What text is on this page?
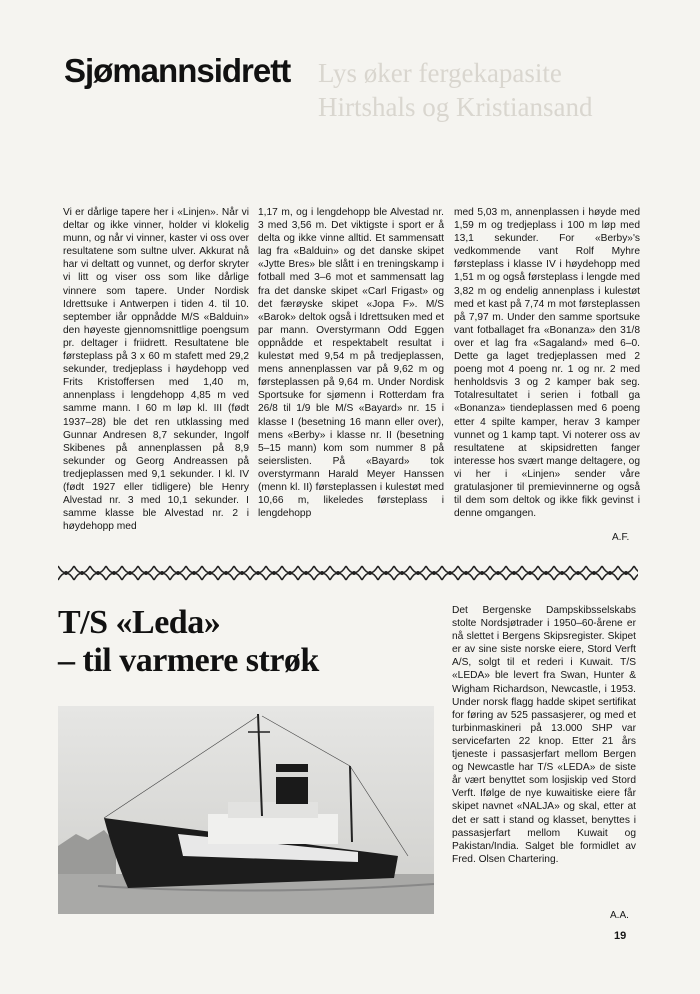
Lys øker fergekapasite
Hirtshals og Kristiansand
Sjømannsidrett

Vi er dårlige tapere her i «Linjen». Når vi deltar og ikke vinner, holder vi klokelig munn, og når vi vinner, kaster vi oss over resultatene som sultne ulver. Akkurat nå har vi deltatt og vunnet, og derfor skryter vi litt og viser oss som like dårlige vinnere som tapere. Under Nordisk Idrettsuke i Antwerpen i tiden 4. til 10. september iår oppnådde M/S «Balduin» den høyeste gjennomsnittlige poengsum pr. deltager i friidrett. Resultatene ble førsteplass på 3 x 60 m stafett med 29,2 sekunder, tredjeplass i høydehopp ved Frits Kristoffersen med 1,40 m, annenplass i lengdehopp 4,85 m ved samme mann. I 60 m løp kl. III (født 1937–28) ble det ren utklassing med Gunnar Andresen 8,7 sekunder, Ingolf Skibenes på annenplassen på 8,9 sekunder og Georg Andreassen på tredjeplassen med 9,1 sekunder. I kl. IV (født 1927 eller tidligere) ble Henry Alvestad nr. 3 med 10,1 sekunder. I samme klasse ble Alvestad nr. 2 i høydehopp med

1,17 m, og i lengdehopp ble Alvestad nr. 3 med 3,56 m. Det viktigste i sport er å delta og ikke vinne alltid. Et sammensatt lag fra «Balduin» og det danske skipet «Jytte Bres» ble slått i en treningskamp i fotball med 3–6 mot et sammensatt lag fra det danske skipet «Carl Frigast» og det færøyske skipet «Jopa F». M/S «Barok» deltok også i Idrettsuken med et par mann. Overstyrmann Odd Eggen oppnådde et respektabelt resultat i kulestøt med 9,54 m på tredjeplassen, mens annenplassen var på 9,62 m og førsteplassen på 9,64 m. Under Nordisk Sportsuke for sjømenn i Rotterdam fra 26/8 til 1/9 ble M/S «Bayard» nr. 15 i klasse I (besetning 16 mann eller over), mens «Berby» i klasse nr. II (besetning 5–15 mann) kom som nummer 8 på seierslisten. På «Bayard» tok overstyrmann Harald Meyer Hanssen (menn kl. II) førsteplassen i kulestøt med 10,66 m, likeledes førsteplass i lengdehopp

med 5,03 m, annenplassen i høyde med 1,59 m og tredjeplass i 100 m løp med 13,1 sekunder. For «Berby»'s vedkommende vant Rolf Myhre førsteplass i klasse IV i høydehopp med 1,51 m og også førsteplass i lengde med 3,82 m og endelig annenplass i kulestøt med et kast på 7,74 m mot førsteplassen på 7,97 m. Under den samme sportsuke vant fotballaget fra «Bonanza» den 31/8 over et lag fra «Sagaland» med 6–0. Dette ga laget tredjeplassen med 2 poeng mot 4 poeng nr. 1 og nr. 2 med henholdsvis 3 og 2 kamper bak seg. Totalresultatet i serien i fotball ga «Bonanza» tiendeplassen med 6 poeng etter 4 spilte kamper, herav 3 kamper vunnet og 1 kamp tapt. Vi noterer oss av resultatene at skipsidretten fanger interesse hos svært mange deltagere, og vi her i «Linjen» sender våre gratulasjoner til premievinnerne og også til dem som deltok og ikke fikk gevinst i denne omgangen.

A.F.
T/S «Leda»
– til varmere strøk

Det Bergenske Dampskibsselskabs stolte Nordsjøtrader i 1950–60-årene er nå slettet i Bergens Skipsregister. Skipet er av sine siste norske eiere, Stord Verft A/S, solgt til et rederi i Kuwait. T/S «LEDA» ble levert fra Swan, Hunter & Wigham Richardson, Newcastle, i 1953. Under norsk flagg hadde skipet sertifikat for føring av 525 passasjerer, og med et turbinmaskineri på 13.000 SHP var servicefarten 22 knop. Etter 21 års tjeneste i passasjerfart mellom Bergen og Newcastle har T/S «LEDA» de siste år vært benyttet som losjiskip ved Stord Verft. Ifølge de nye kuwaitiske eiere får skipet navnet «NALJA» og skal, etter at det er satt i stand og klasset, benyttes i passasjerfart mellom Kuwait og Pakistan/India. Salget ble formidlet av Fred. Olsen Chartering.

A.A.
19
